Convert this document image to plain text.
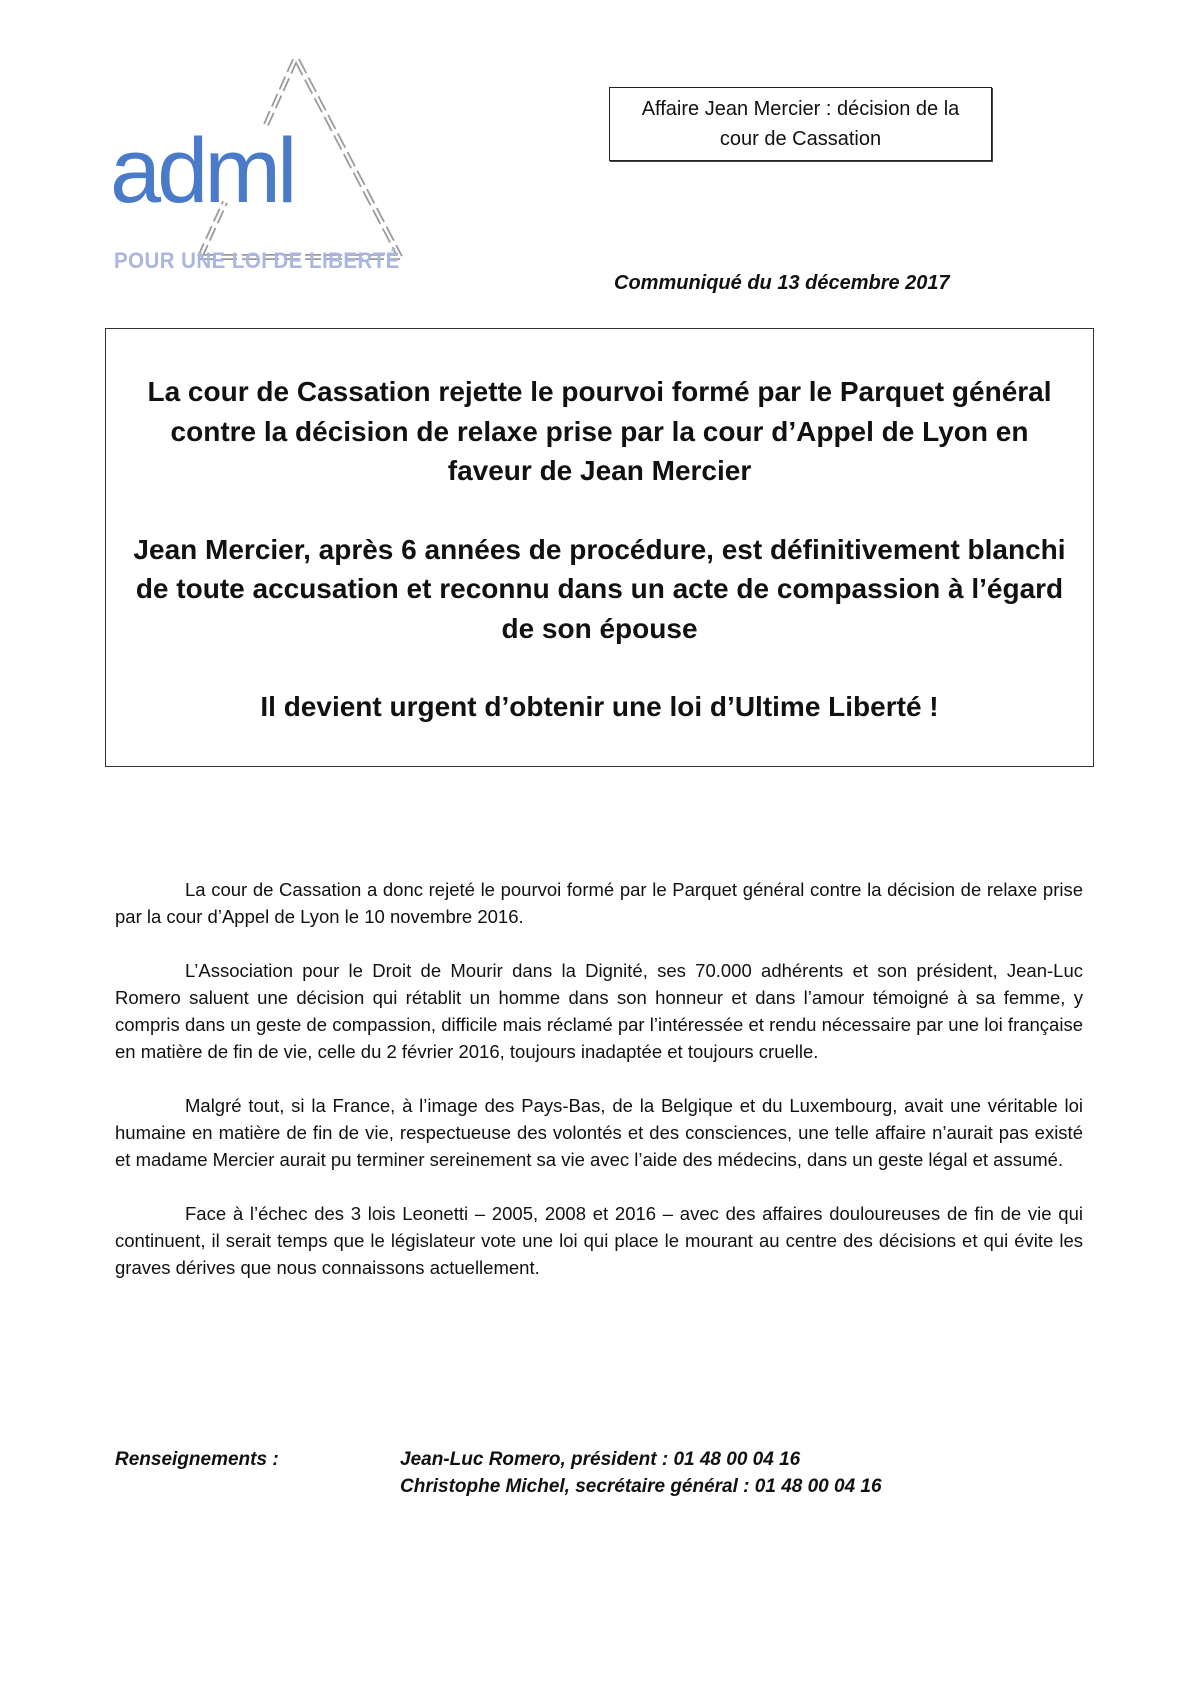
adml
POUR UNE LOI DE LIBERTÉ
Affaire Jean Mercier : décision de la
cour de Cassation
Communiqué du 13 décembre 2017

La cour de Cassation rejette le pourvoi formé par le Parquet général contre la décision de relaxe prise par la cour d’Appel de Lyon en faveur de Jean Mercier

Jean Mercier, après 6 années de procédure, est définitivement blanchi de toute accusation et reconnu dans un acte de compassion à l’égard de son épouse

Il devient urgent d’obtenir une loi d’Ultime Liberté !

La cour de Cassation a donc rejeté le pourvoi formé par le Parquet général contre la décision de relaxe prise par la cour d’Appel de Lyon le 10 novembre 2016.

L’Association pour le Droit de Mourir dans la Dignité, ses 70.000 adhérents et son président, Jean-Luc Romero saluent une décision qui rétablit un homme dans son honneur et dans l’amour témoigné à sa femme, y compris dans un geste de compassion, difficile mais réclamé par l’intéressée et rendu nécessaire par une loi française en matière de fin de vie, celle du 2 février 2016, toujours inadaptée et toujours cruelle.

Malgré tout, si la France, à l’image des Pays-Bas, de la Belgique et du Luxembourg, avait une véritable loi humaine en matière de fin de vie, respectueuse des volontés et des consciences, une telle affaire n’aurait pas existé et madame Mercier aurait pu terminer sereinement sa vie avec l’aide des médecins, dans un geste légal et assumé.

Face à l’échec des 3 lois Leonetti – 2005, 2008 et 2016 – avec des affaires douloureuses de fin de vie qui continuent, il serait temps que le législateur vote une loi qui place le mourant au centre des décisions et qui évite les graves dérives que nous connaissons actuellement.

Renseignements :	Jean-Luc Romero, président : 01 48 00 04 16
Christophe Michel, secrétaire général : 01 48 00 04 16
